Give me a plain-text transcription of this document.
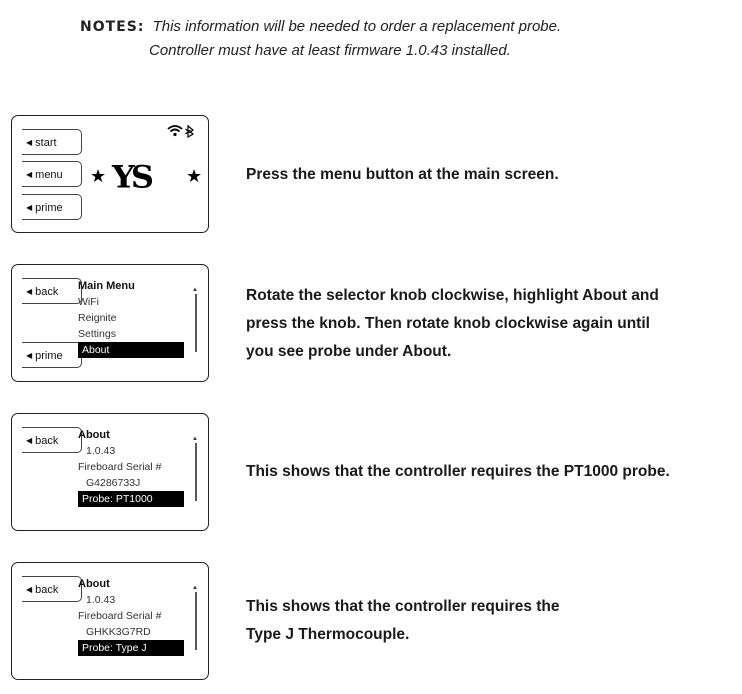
NOTES: This information will be needed to order a replacement probe.
Controller must have at least firmware 1.0.43 installed.
◀ start
◀ menu
◀ prime
★ YS ★	Press the menu button at the main screen.
◀ back
◀ prime
Main Menu
WiFi
Reignite
Settings
About
▲	Rotate the selector knob clockwise, highlight About and
press the knob. Then rotate knob clockwise again until
you see probe under About.
◀ back	About
1.0.43
Fireboard Serial #
G4286733J
Probe: PT1000
▲
This shows that the controller requires the PT1000 probe.
◀ back	About
1.0.43
Fireboard Serial #
GHKK3G7RD
Probe: Type J
▲
This shows that the controller requires the
Type J Thermocouple.
